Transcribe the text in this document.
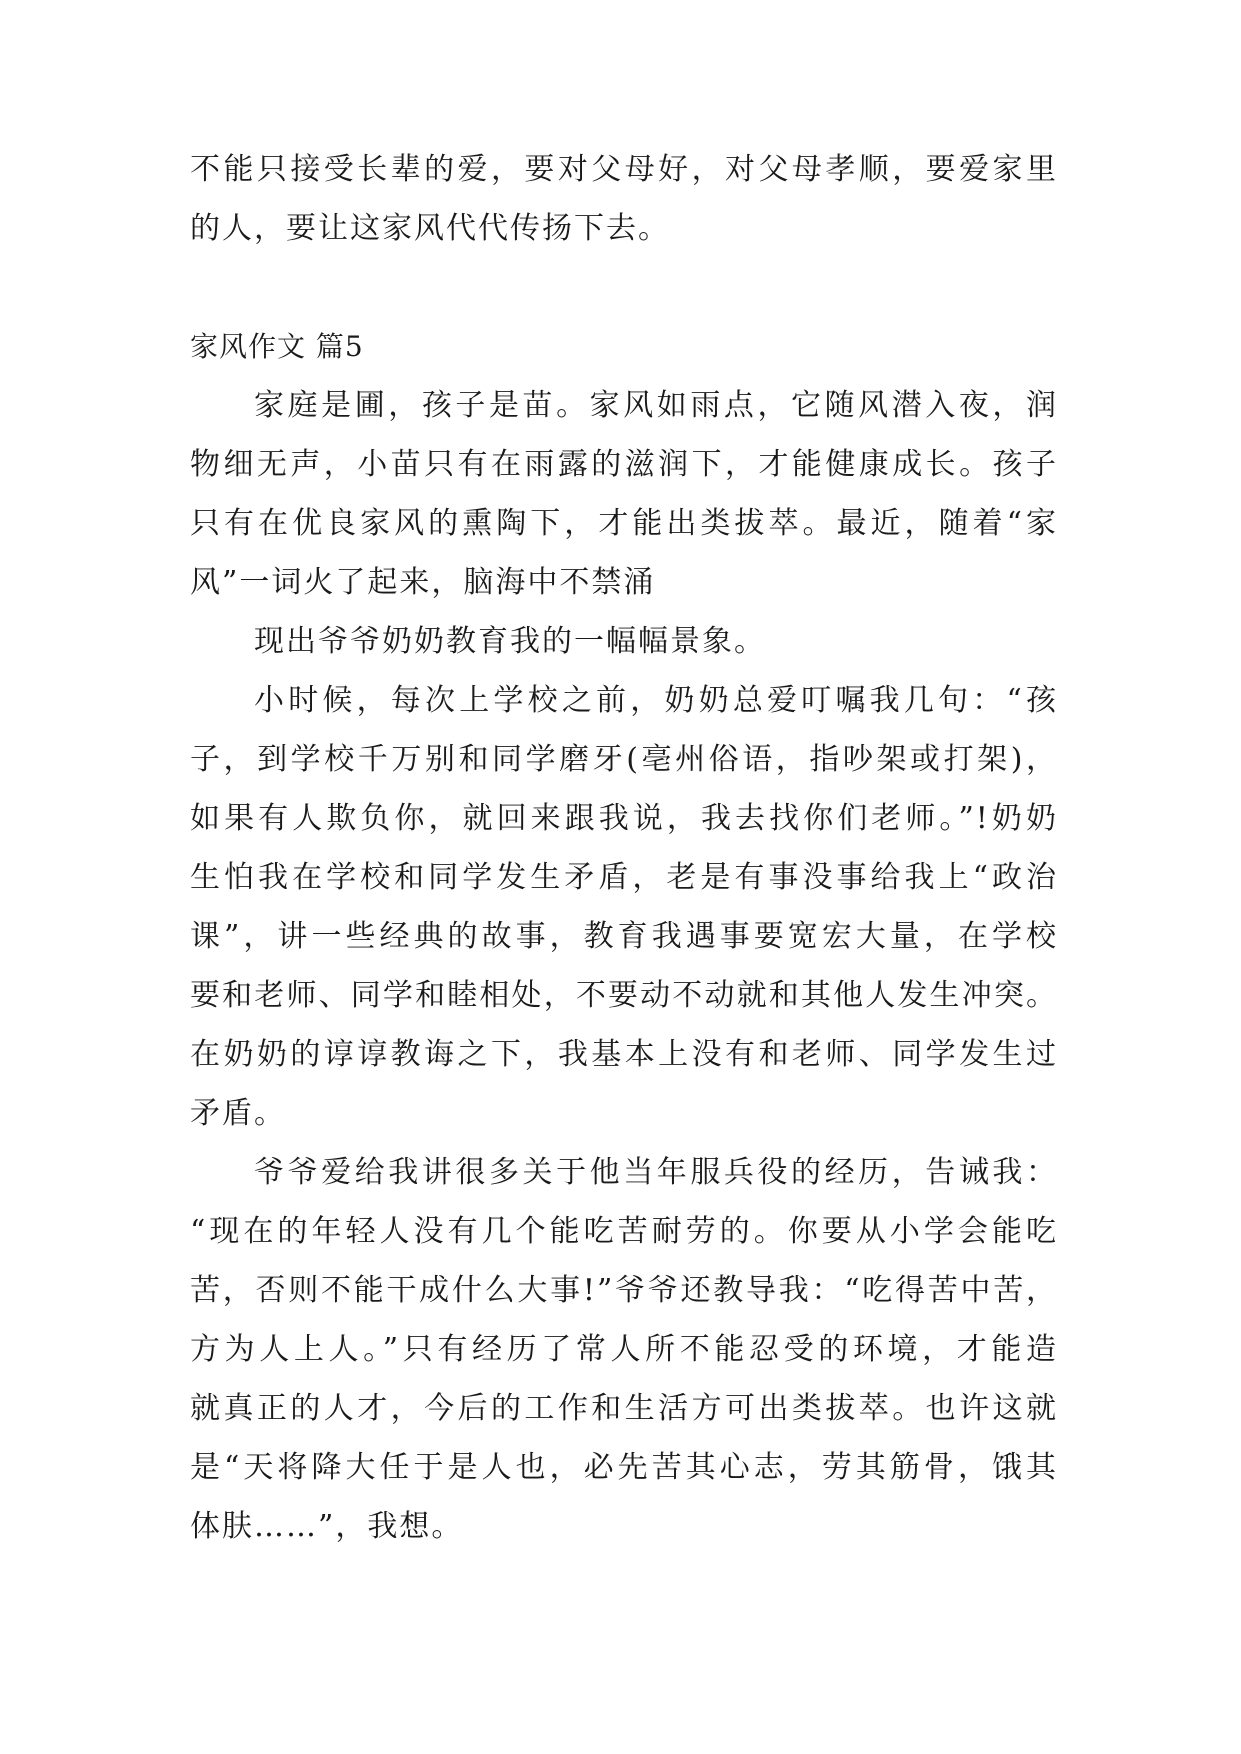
不能只接受长辈的爱，要对父母好，对父母孝顺，要爱家里
的人，要让这家风代代传扬下去。
家风作文 篇5
家庭是圃，孩子是苗。家风如雨点，它随风潜入夜，润
物细无声，小苗只有在雨露的滋润下，才能健康成长。孩子
只有在优良家风的熏陶下，才能出类拔萃。最近，随着“家
风”一词火了起来，脑海中不禁涌
现出爷爷奶奶教育我的一幅幅景象。
小时候，每次上学校之前，奶奶总爱叮嘱我几句：“孩
子，到学校千万别和同学磨牙(亳州俗语，指吵架或打架)，
如果有人欺负你，就回来跟我说，我去找你们老师。”!奶奶
生怕我在学校和同学发生矛盾，老是有事没事给我上“政治
课”，讲一些经典的故事，教育我遇事要宽宏大量，在学校
要和老师、同学和睦相处，不要动不动就和其他人发生冲突。
在奶奶的谆谆教诲之下，我基本上没有和老师、同学发生过
矛盾。
爷爷爱给我讲很多关于他当年服兵役的经历，告诫我：
“现在的年轻人没有几个能吃苦耐劳的。你要从小学会能吃
苦，否则不能干成什么大事!”爷爷还教导我：“吃得苦中苦，
方为人上人。”只有经历了常人所不能忍受的环境，才能造
就真正的人才，今后的工作和生活方可出类拔萃。也许这就
是“天将降大任于是人也，必先苦其心志，劳其筋骨，饿其
体肤……”，我想。
